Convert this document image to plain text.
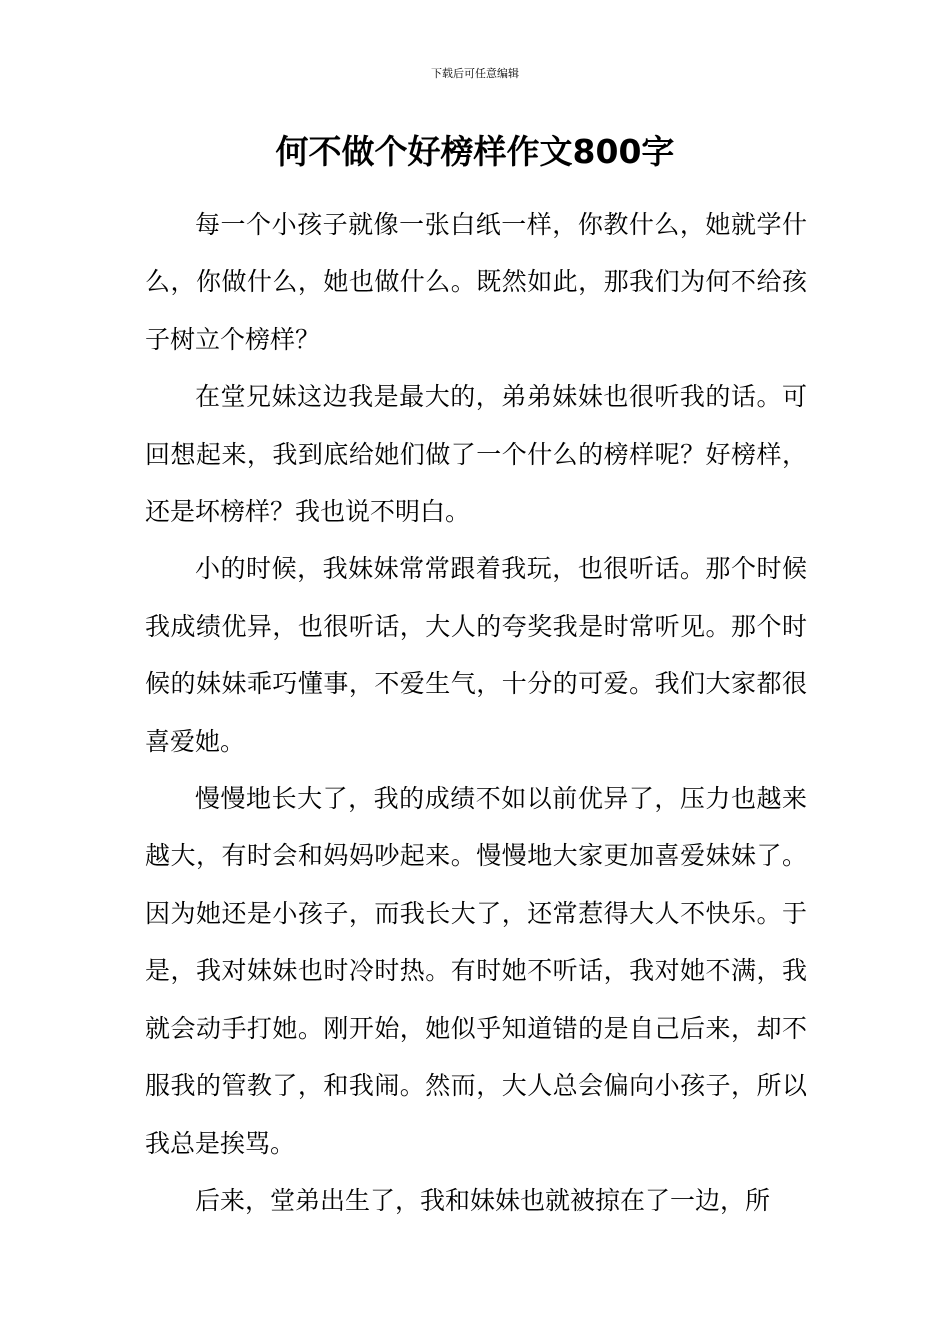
下载后可任意编辑
何不做个好榜样作文800字

每一个小孩子就像一张白纸一样，你教什么，她就学什么，你做什么，她也做什么。既然如此，那我们为何不给孩子树立个榜样？

在堂兄妹这边我是最大的，弟弟妹妹也很听我的话。可回想起来，我到底给她们做了一个什么的榜样呢？好榜样，还是坏榜样？我也说不明白。

小的时候，我妹妹常常跟着我玩，也很听话。那个时候我成绩优异，也很听话，大人的夸奖我是时常听见。那个时候的妹妹乖巧懂事，不爱生气，十分的可爱。我们大家都很喜爱她。

慢慢地长大了，我的成绩不如以前优异了，压力也越来越大，有时会和妈妈吵起来。慢慢地大家更加喜爱妹妹了。因为她还是小孩子，而我长大了，还常惹得大人不快乐。于是，我对妹妹也时冷时热。有时她不听话，我对她不满，我就会动手打她。刚开始，她似乎知道错的是自己后来，却不服我的管教了，和我闹。然而，大人总会偏向小孩子，所以我总是挨骂。

后来，堂弟出生了，我和妹妹也就被掠在了一边，所
